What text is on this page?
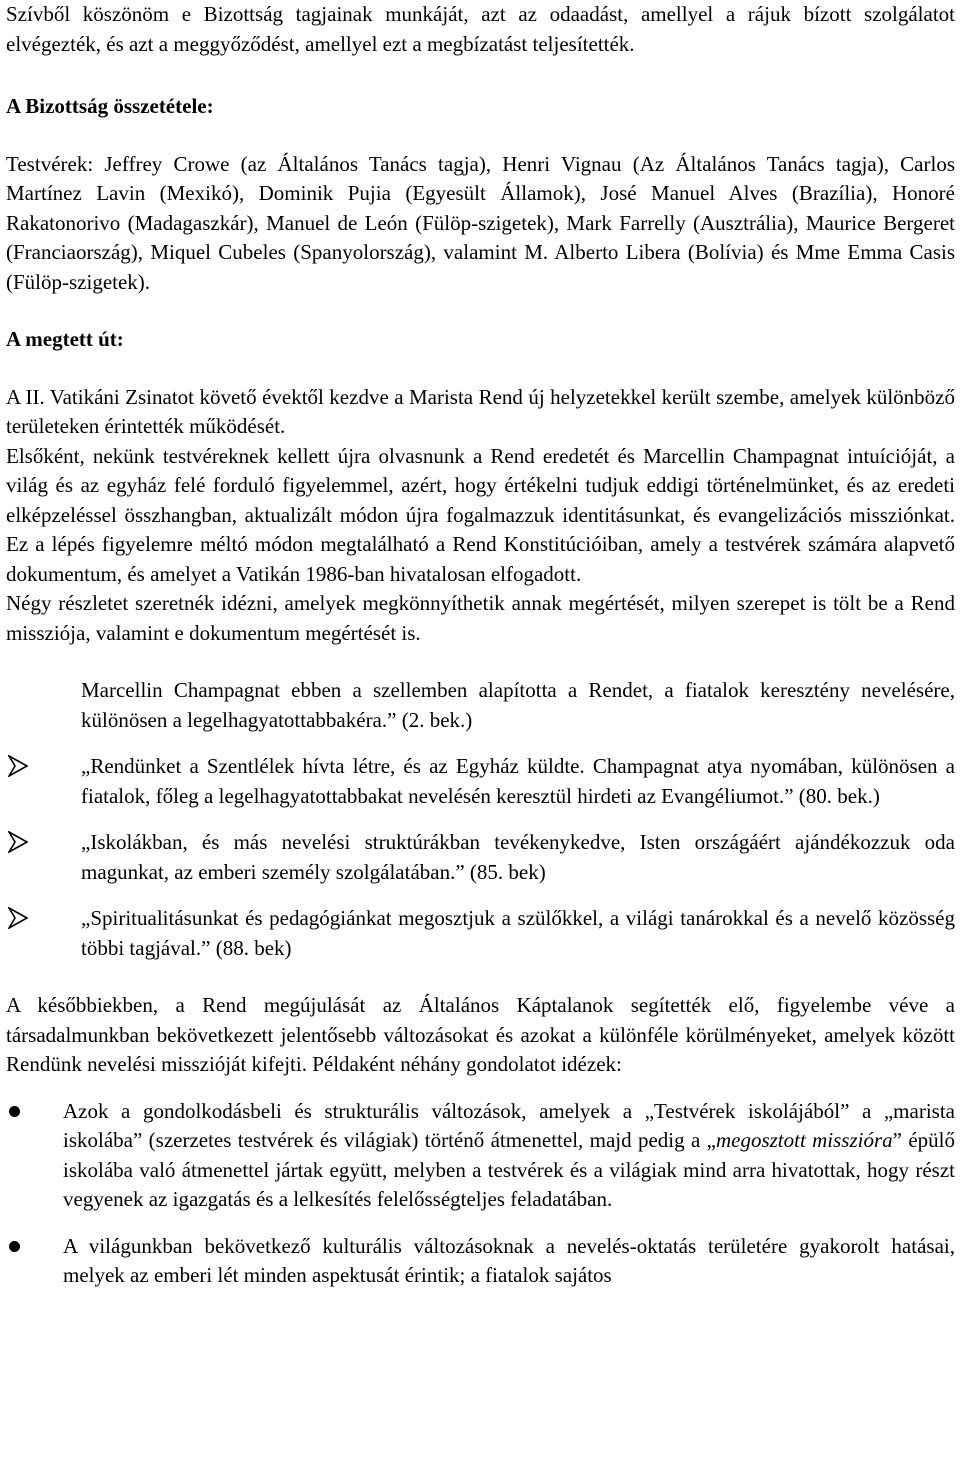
Szívből köszönöm e Bizottság tagjainak munkáját, azt az odaadást, amellyel a rájuk bízott szolgálatot elvégezték, és azt a meggyőződést, amellyel ezt a megbízatást teljesítették.

A Bizottság összetétele:

Testvérek: Jeffrey Crowe (az Általános Tanács tagja), Henri Vignau (Az Általános Tanács tagja), Carlos Martínez Lavin (Mexikó), Dominik Pujia (Egyesült Államok), José Manuel Alves (Brazília), Honoré Rakatonorivo (Madagaszkár), Manuel de León (Fülöp-szigetek), Mark Farrelly (Ausztrália), Maurice Bergeret (Franciaország), Miquel Cubeles (Spanyolország), valamint M. Alberto Libera (Bolívia) és Mme Emma Casis (Fülöp-szigetek).

A megtett út:

A II. Vatikáni Zsinatot követő évektől kezdve a Marista Rend új helyzetekkel került szembe, amelyek különböző területeken érintették működését.

Elsőként, nekünk testvéreknek kellett újra olvasnunk a Rend eredetét és Marcellin Champagnat intuícióját, a világ és az egyház felé forduló figyelemmel, azért, hogy értékelni tudjuk eddigi történelmünket, és az eredeti elképzeléssel összhangban, aktualizált módon újra fogalmazzuk identitásunkat, és evangelizációs missziónkat. Ez a lépés figyelemre méltó módon megtalálható a Rend Konstitúcióiban, amely a testvérek számára alapvető dokumentum, és amelyet a Vatikán 1986-ban hivatalosan elfogadott.

Négy részletet szeretnék idézni, amelyek megkönnyíthetik annak megértését, milyen szerepet is tölt be a Rend missziója, valamint e dokumentum megértését is.

Marcellin Champagnat ebben a szellemben alapította a Rendet, a fiatalok keresztény nevelésére, különösen a legelhagyatottabbakéra.” (2. bek.)

„Rendünket a Szentlélek hívta létre, és az Egyház küldte. Champagnat atya nyomában, különösen a fiatalok, főleg a legelhagyatottabbakat nevelésén keresztül hirdeti az Evangéliumot.” (80. bek.)
„Iskolákban, és más nevelési struktúrákban tevékenykedve, Isten országáért ajándékozzuk oda magunkat, az emberi személy szolgálatában.” (85. bek)
„Spiritualitásunkat és pedagógiánkat megosztjuk a szülőkkel, a világi tanárokkal és a nevelő közösség többi tagjával.” (88. bek)

A későbbiekben, a Rend megújulását az Általános Káptalanok segítették elő, figyelembe véve a társadalmunkban bekövetkezett jelentősebb változásokat és azokat a különféle körülményeket, amelyek között Rendünk nevelési misszióját kifejti. Példaként néhány gondolatot idézek:

Azok a gondolkodásbeli és strukturális változások, amelyek a „Testvérek iskolájából” a „marista iskolába” (szerzetes testvérek és világiak) történő átmenettel, majd pedig a „megosztott misszióra” épülő iskolába való átmenettel jártak együtt, melyben a testvérek és a világiak mind arra hivatottak, hogy részt vegyenek az igazgatás és a lelkesítés felelősségteljes feladatában.
A világunkban bekövetkező kulturális változásoknak a nevelés-oktatás területére gyakorolt hatásai, melyek az emberi lét minden aspektusát érintik; a fiatalok sajátos
